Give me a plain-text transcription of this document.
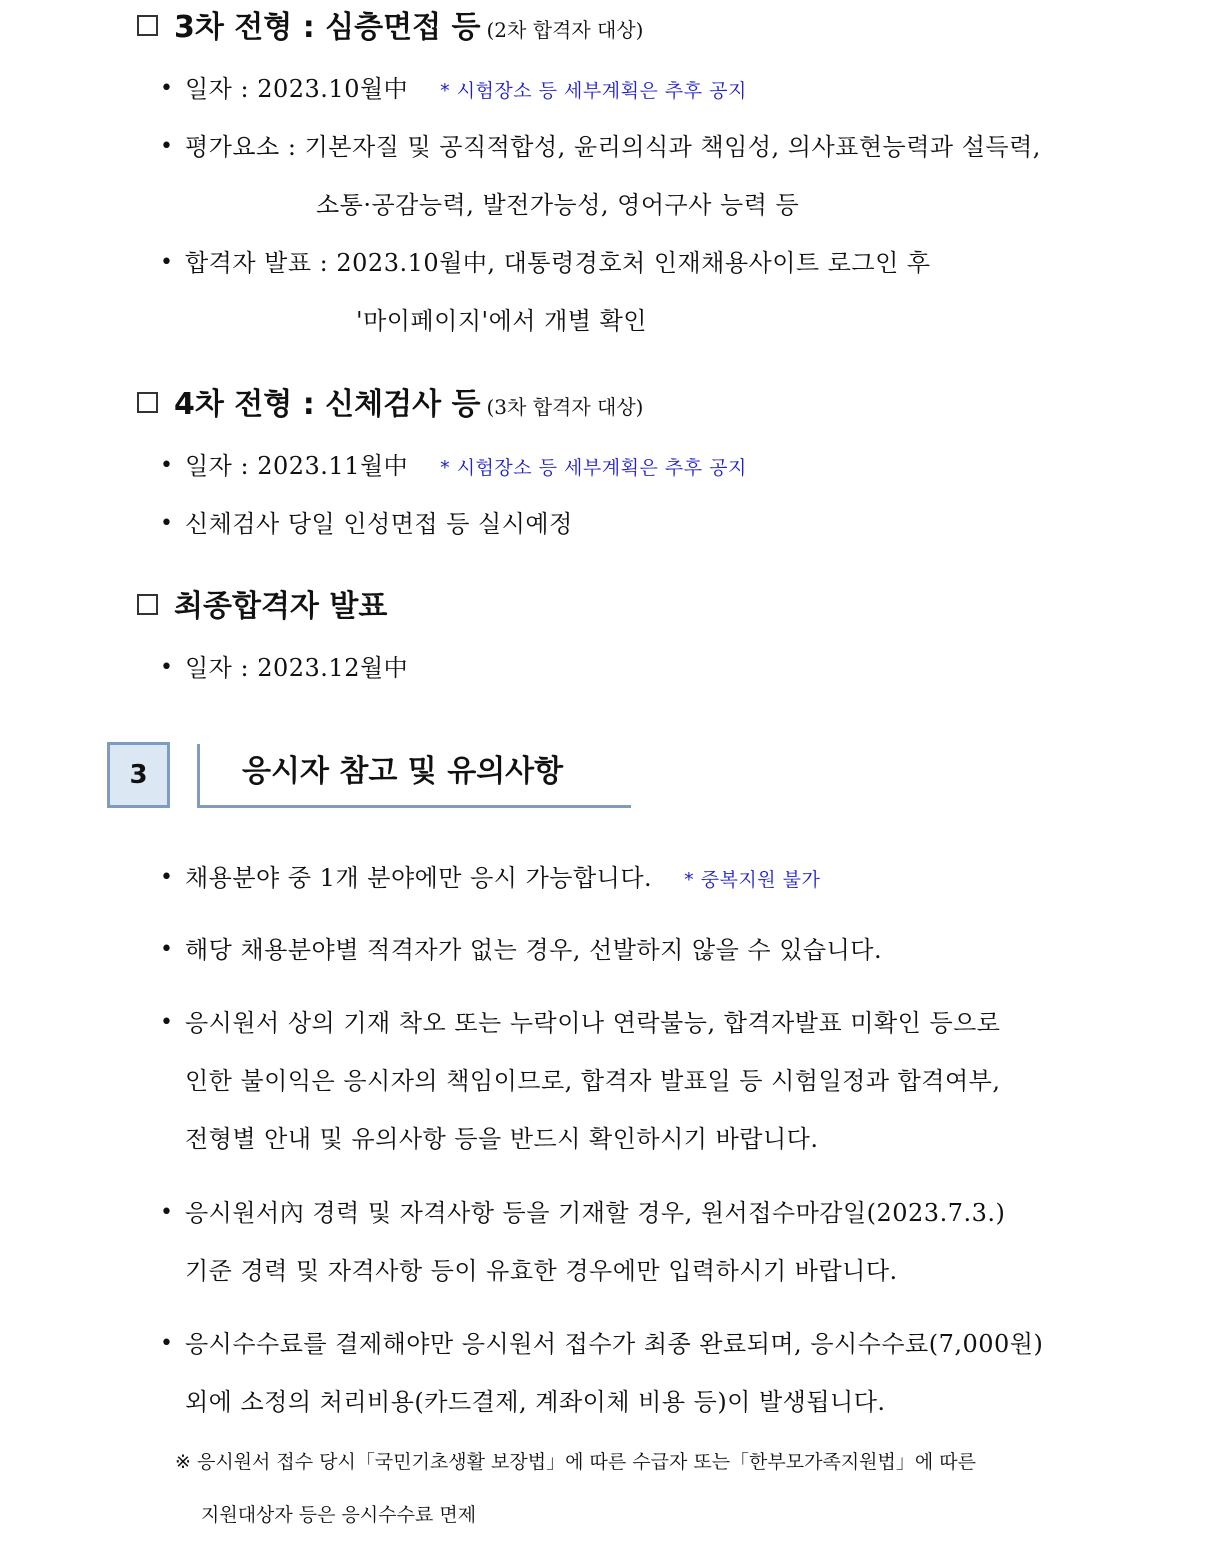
3차 전형 : 심층면접 등 (2차 합격자 대상)
• 일자 : 2023.10월中 * 시험장소 등 세부계획은 추후 공지
• 평가요소 : 기본자질 및 공직적합성, 윤리의식과 책임성, 의사표현능력과 설득력,
소통·공감능력, 발전가능성, 영어구사 능력 등
• 합격자 발표 : 2023.10월中, 대통령경호처 인재채용사이트 로그인 후
'마이페이지'에서 개별 확인
4차 전형 : 신체검사 등 (3차 합격자 대상)
• 일자 : 2023.11월中 * 시험장소 등 세부계획은 추후 공지
• 신체검사 당일 인성면접 등 실시예정
최종합격자 발표
• 일자 : 2023.12월中
3	응시자 참고 및 유의사항
• 채용분야 중 1개 분야에만 응시 가능합니다. * 중복지원 불가
• 해당 채용분야별 적격자가 없는 경우, 선발하지 않을 수 있습니다.
• 응시원서 상의 기재 착오 또는 누락이나 연락불능, 합격자발표 미확인 등으로
인한 불이익은 응시자의 책임이므로, 합격자 발표일 등 시험일정과 합격여부,
전형별 안내 및 유의사항 등을 반드시 확인하시기 바랍니다.
• 응시원서內 경력 및 자격사항 등을 기재할 경우, 원서접수마감일(2023.7.3.)
기준 경력 및 자격사항 등이 유효한 경우에만 입력하시기 바랍니다.
• 응시수수료를 결제해야만 응시원서 접수가 최종 완료되며, 응시수수료(7,000원)
외에 소정의 처리비용(카드결제, 계좌이체 비용 등)이 발생됩니다.
※ 응시원서 접수 당시「국민기초생활 보장법」에 따른 수급자 또는「한부모가족지원법」에 따른
지원대상자 등은 응시수수료 면제
